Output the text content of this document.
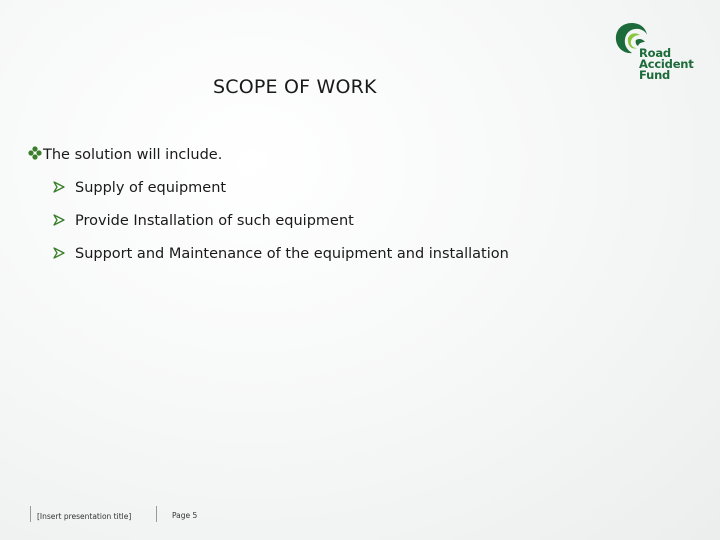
Road
Accident
Fund
SCOPE OF WORK
The solution will include.
Supply of equipment
Provide Installation of such equipment
Support and Maintenance of the equipment and installation
[Insert presentation title]	Page 5
